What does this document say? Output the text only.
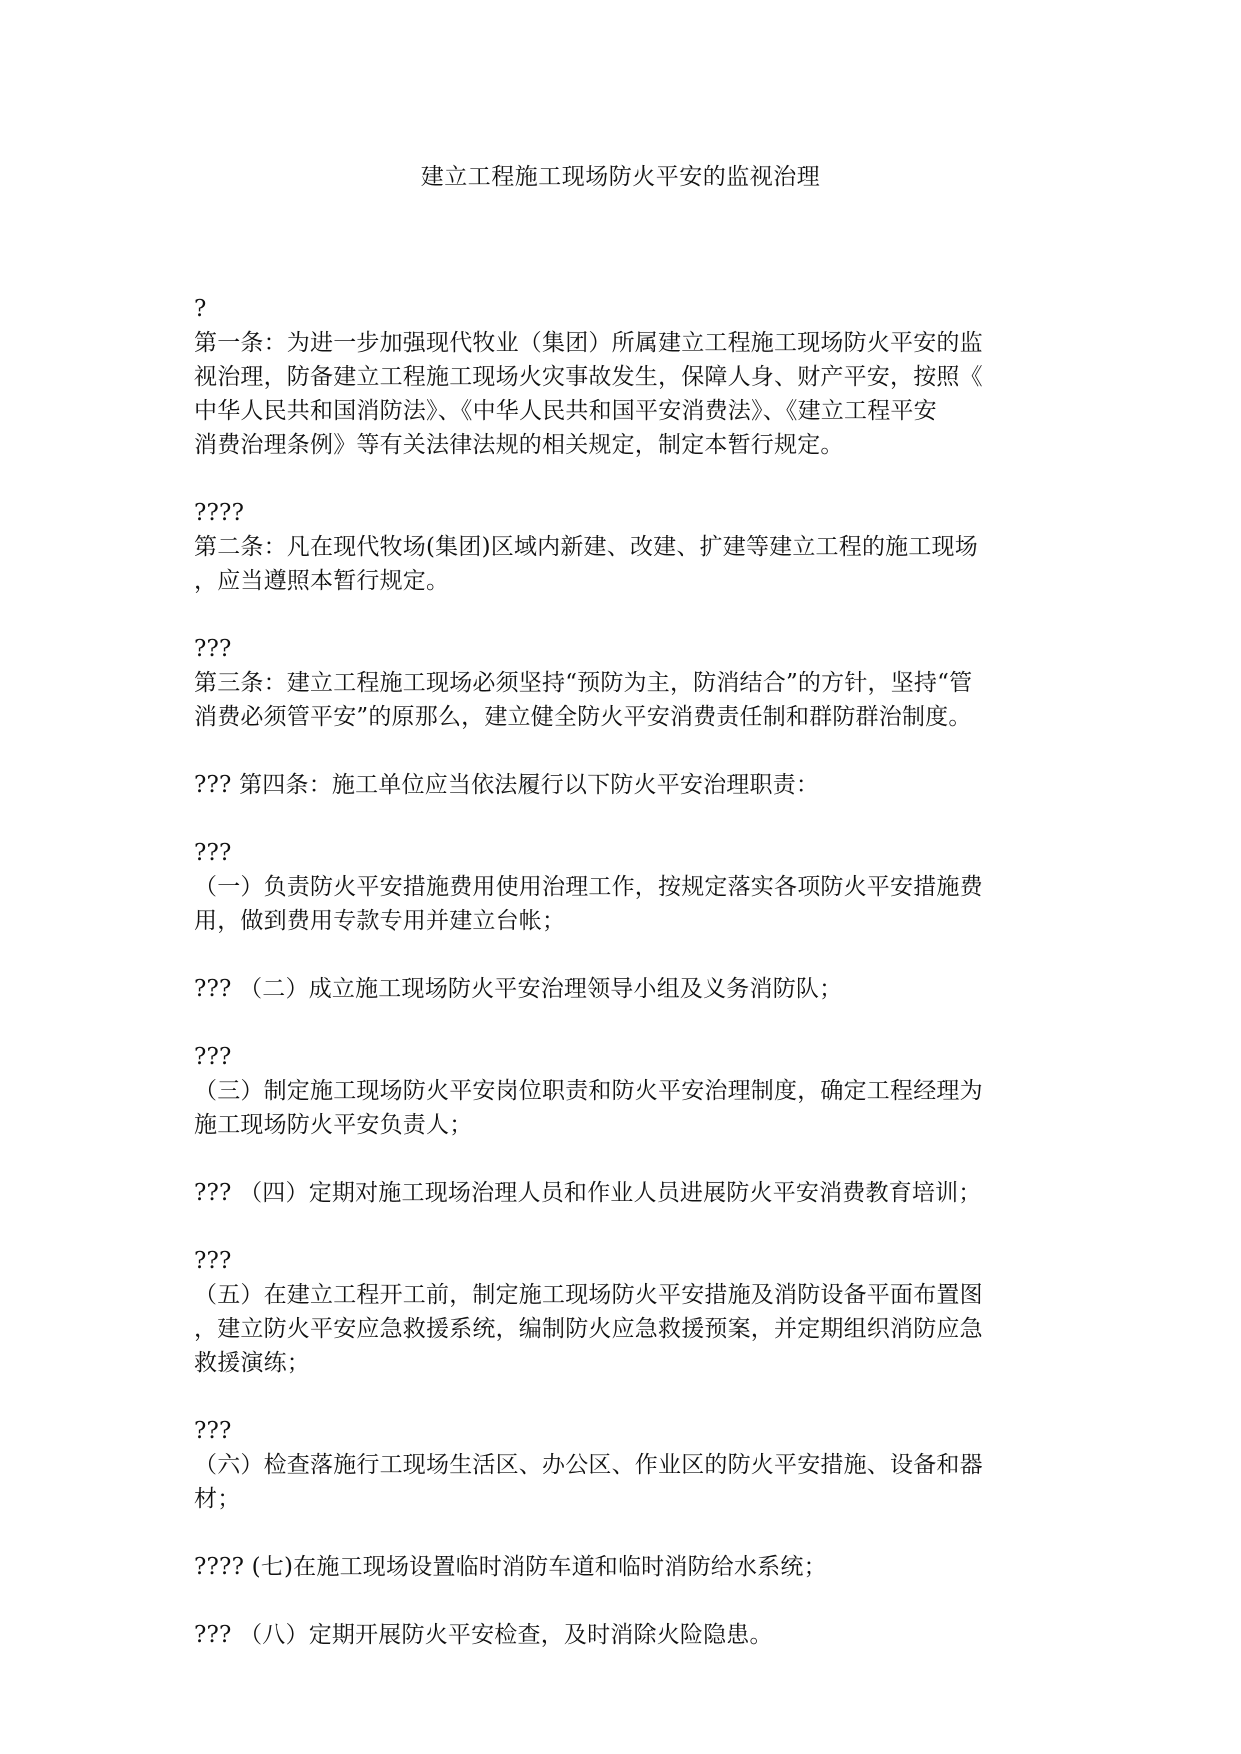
建立工程施工现场防火平安的监视治理
?
第一条：为进一步加强现代牧业（集团）所属建立工程施工现场防火平安的监
视治理，防备建立工程施工现场火灾事故发生，保障人身、财产平安，按照《
中华人民共和国消防法》、《中华人民共和国平安消费法》、《建立工程平安
消费治理条例》等有关法律法规的相关规定，制定本暂行规定。
????
第二条：凡在现代牧场(集团)区域内新建、改建、扩建等建立工程的施工现场
，应当遵照本暂行规定。
???
第三条：建立工程施工现场必须坚持“预防为主，防消结合”的方针，坚持“管
消费必须管平安”的原那么，建立健全防火平安消费责任制和群防群治制度。
??? 第四条：施工单位应当依法履行以下防火平安治理职责：
???
（一）负责防火平安措施费用使用治理工作，按规定落实各项防火平安措施费
用，做到费用专款专用并建立台帐；
??? （二）成立施工现场防火平安治理领导小组及义务消防队；
???
（三）制定施工现场防火平安岗位职责和防火平安治理制度，确定工程经理为
施工现场防火平安负责人；
??? （四）定期对施工现场治理人员和作业人员进展防火平安消费教育培训；
???
（五）在建立工程开工前，制定施工现场防火平安措施及消防设备平面布置图
，建立防火平安应急救援系统，编制防火应急救援预案，并定期组织消防应急
救援演练；
???
（六）检查落施行工现场生活区、办公区、作业区的防火平安措施、设备和器
材；
???? (七)在施工现场设置临时消防车道和临时消防给水系统；
??? （八）定期开展防火平安检查，及时消除火险隐患。
